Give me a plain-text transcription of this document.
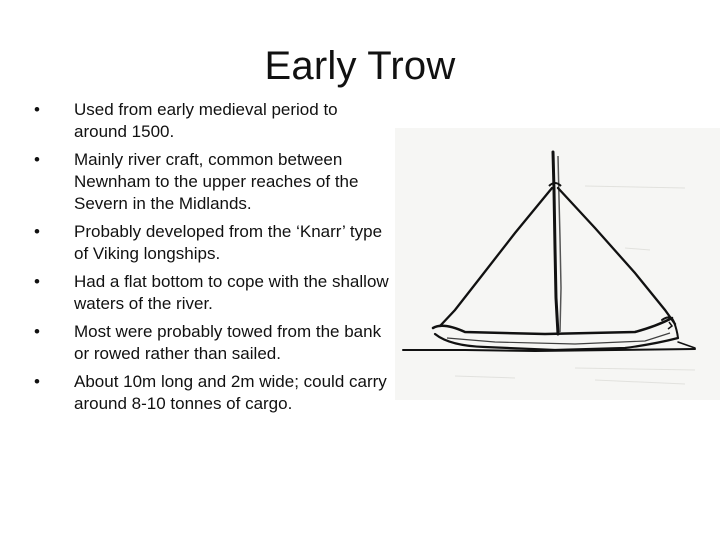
Early Trow
•	Used from early medieval period to around 1500.
•	Mainly river craft, common between Newnham to the upper reaches of the Severn in the Midlands.
•	Probably developed from the ‘Knarr’ type of Viking longships.
•	Had a flat bottom to cope with the shallow waters of the river.
•	Most were probably towed from the bank or rowed rather than sailed.
•	About 10m long and 2m wide; could carry around 8-10 tonnes of cargo.
